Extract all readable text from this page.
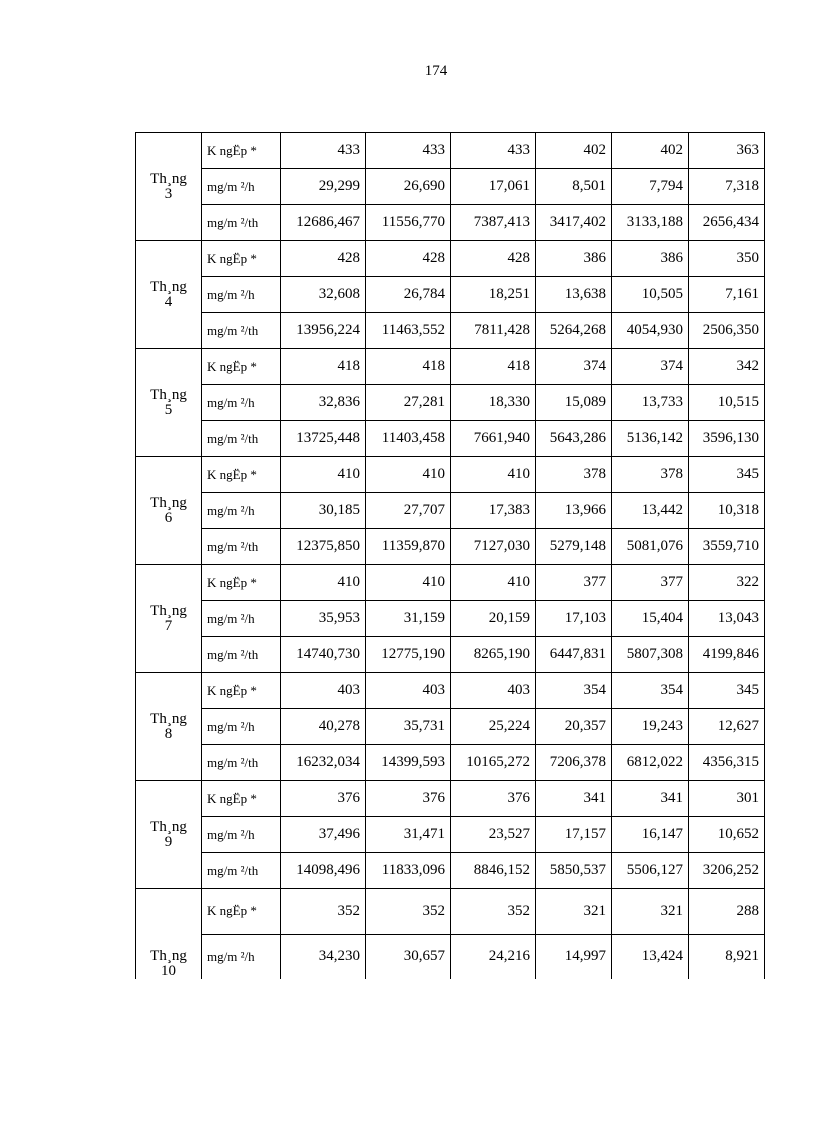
174
Th¸ng
3	K ngËp *	433	433	433	402	402	363
	mg/m ²/h	29,299	26,690	17,061	8,501	7,794	7,318
	mg/m ²/th	12686,467	11556,770	7387,413	3417,402	3133,188	2656,434

Th¸ng
4	K ngËp *	428	428	428	386	386	350
	mg/m ²/h	32,608	26,784	18,251	13,638	10,505	7,161
	mg/m ²/th	13956,224	11463,552	7811,428	5264,268	4054,930	2506,350

Th¸ng
5	K ngËp *	418	418	418	374	374	342
	mg/m ²/h	32,836	27,281	18,330	15,089	13,733	10,515
	mg/m ²/th	13725,448	11403,458	7661,940	5643,286	5136,142	3596,130

Th¸ng
6	K ngËp *	410	410	410	378	378	345
	mg/m ²/h	30,185	27,707	17,383	13,966	13,442	10,318
	mg/m ²/th	12375,850	11359,870	7127,030	5279,148	5081,076	3559,710

Th¸ng
7	K ngËp *	410	410	410	377	377	322
	mg/m ²/h	35,953	31,159	20,159	17,103	15,404	13,043
	mg/m ²/th	14740,730	12775,190	8265,190	6447,831	5807,308	4199,846

Th¸ng
8	K ngËp *	403	403	403	354	354	345
	mg/m ²/h	40,278	35,731	25,224	20,357	19,243	12,627
	mg/m ²/th	16232,034	14399,593	10165,272	7206,378	6812,022	4356,315

Th¸ng
9	K ngËp *	376	376	376	341	341	301
	mg/m ²/h	37,496	31,471	23,527	17,157	16,147	10,652
	mg/m ²/th	14098,496	11833,096	8846,152	5850,537	5506,127	3206,252

Th¸ng
10	K ngËp *	352	352	352	321	321	288
	mg/m ²/h	34,230	30,657	24,216	14,997	13,424	8,921
